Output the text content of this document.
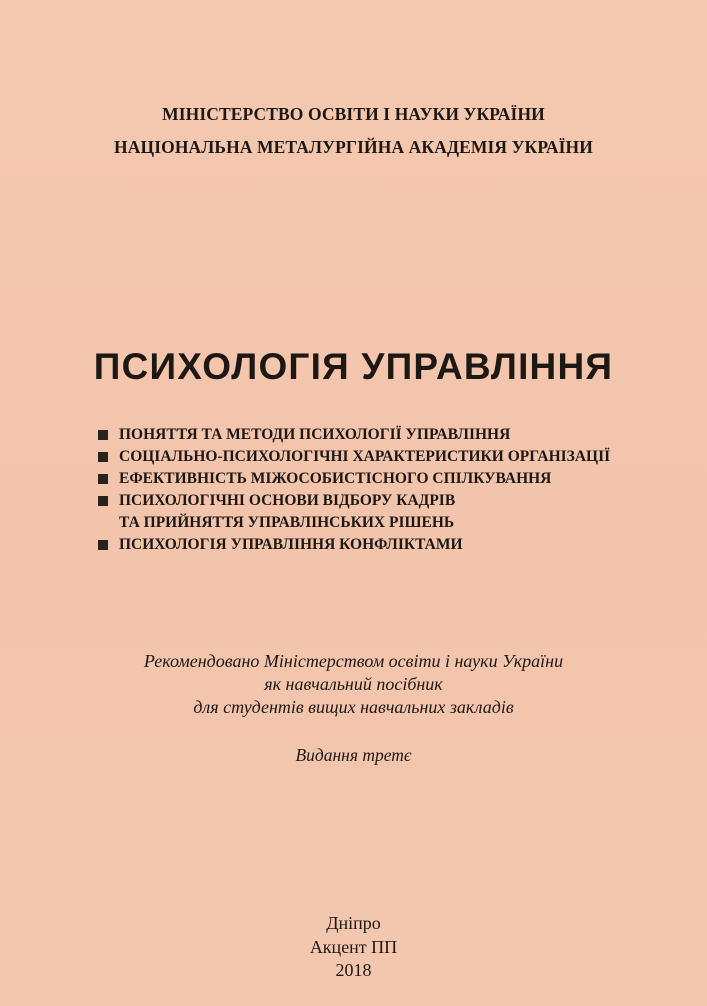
МІНІСТЕРСТВО ОСВІТИ І НАУКИ УКРАЇНИ
НАЦІОНАЛЬНА МЕТАЛУРГІЙНА АКАДЕМІЯ УКРАЇНИ
ПСИХОЛОГІЯ УПРАВЛІННЯ
ПОНЯТТЯ ТА МЕТОДИ ПСИХОЛОГІЇ УПРАВЛІННЯ
СОЦІАЛЬНО-ПСИХОЛОГІЧНІ ХАРАКТЕРИСТИКИ ОРГАНІЗАЦІЇ
ЕФЕКТИВНІСТЬ МІЖОСОБИСТІСНОГО СПІЛКУВАННЯ
ПСИХОЛОГІЧНІ ОСНОВИ ВІДБОРУ КАДРІВ
ТА ПРИЙНЯТТЯ УПРАВЛІНСЬКИХ РІШЕНЬ
ПСИХОЛОГІЯ УПРАВЛІННЯ КОНФЛІКТАМИ
Рекомендовано Міністерством освіти і науки України
як навчальний посібник
для студентів вищих навчальних закладів
Видання третє
Дніпро
Акцент ПП
2018
